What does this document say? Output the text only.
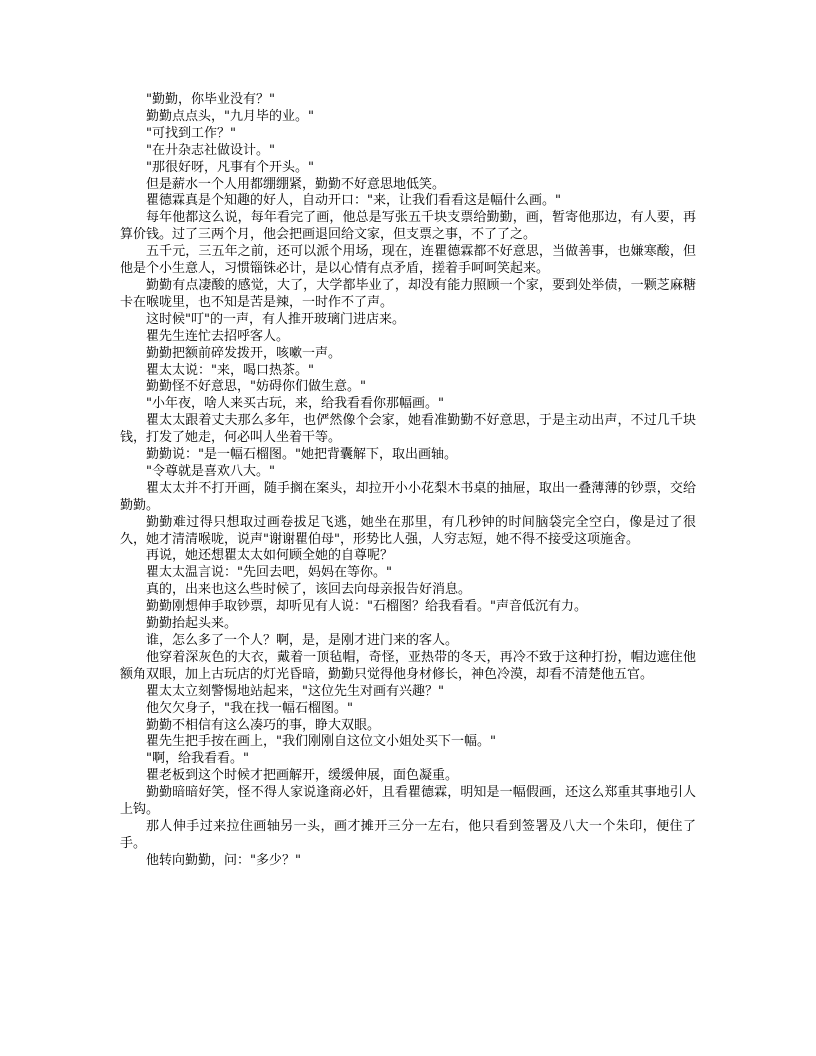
"勤勤，你毕业没有？"

勤勤点点头，"九月毕的业。"

"可找到工作？"

"在廾杂志社做设计。"

"那很好呀，凡事有个开头。"

但是薪水一个人用都绷绷紧，勤勤不好意思地低笑。

瞿德霖真是个知趣的好人，自动开口："来，让我们看看这是幅什么画。"

每年他都这么说，每年看完了画，他总是写张五千块支票给勤勤，画，暂寄他那边，有人要，再算价钱。过了三两个月，他会把画退回给文家，但支票之事，不了了之。

五千元，三五年之前，还可以派个用场，现在，连瞿德霖都不好意思，当做善事，也嫌寒酸，但他是个小生意人，习惯锱铢必计，是以心情有点矛盾，搓着手呵呵笑起来。

勤勤有点凄酸的感觉，大了，大学都毕业了，却没有能力照顾一个家，要到处举债，一颗芝麻糖卡在喉咙里，也不知是苦是辣，一时作不了声。

这时候"叮"的一声，有人推开玻璃门进店来。

瞿先生连忙去招呼客人。

勤勤把额前碎发拨开，咳嗽一声。

瞿太太说："来，喝口热茶。"

勤勤怪不好意思，"妨碍你们做生意。"

"小年夜，啥人来买古玩，来，给我看看你那幅画。"

瞿太太跟着丈夫那么多年，也俨然像个会家，她看准勤勤不好意思，于是主动出声，不过几千块钱，打发了她走，何必叫人坐着干等。

勤勤说："是一幅石榴图。"她把背囊解下，取出画轴。

"令尊就是喜欢八大。"

瞿太太并不打开画，随手搁在案头，却拉开小小花梨木书桌的抽屉，取出一叠薄薄的钞票，交给勤勤。

勤勤难过得只想取过画卷拔足飞逃，她坐在那里，有几秒钟的时间脑袋完全空白，像是过了很久，她才清清喉咙，说声"谢谢瞿伯母"，形势比人强，人穷志短，她不得不接受这项施舍。

再说，她还想瞿太太如何顾全她的自尊呢？

瞿太太温言说："先回去吧，妈妈在等你。"

真的，出来也这么些时候了，该回去向母亲报告好消息。

勤勤刚想伸手取钞票，却听见有人说："石榴图？给我看看。"声音低沉有力。

勤勤抬起头来。

谁，怎么多了一个人？啊，是，是刚才进门来的客人。

他穿着深灰色的大衣，戴着一顶毡帽，奇怪，亚热带的冬天，再冷不致于这种打扮，帽边遮住他额角双眼，加上古玩店的灯光昏暗，勤勤只觉得他身材修长，神色冷漠，却看不清楚他五官。

瞿太太立刻警惕地站起来，"这位先生对画有兴趣？"

他欠欠身子，"我在找一幅石榴图。"

勤勤不相信有这么凑巧的事，睁大双眼。

瞿先生把手按在画上，"我们刚刚自这位文小姐处买下一幅。"

"啊，给我看看。"

瞿老板到这个时候才把画解开，缓缓伸展，面色凝重。

勤勤暗暗好笑，怪不得人家说逢商必奸，且看瞿德霖，明知是一幅假画，还这么郑重其事地引人上钩。

那人伸手过来拉住画轴另一头，画才摊开三分一左右，他只看到签署及八大一个朱印，便住了手。

他转向勤勤，问："多少？"
